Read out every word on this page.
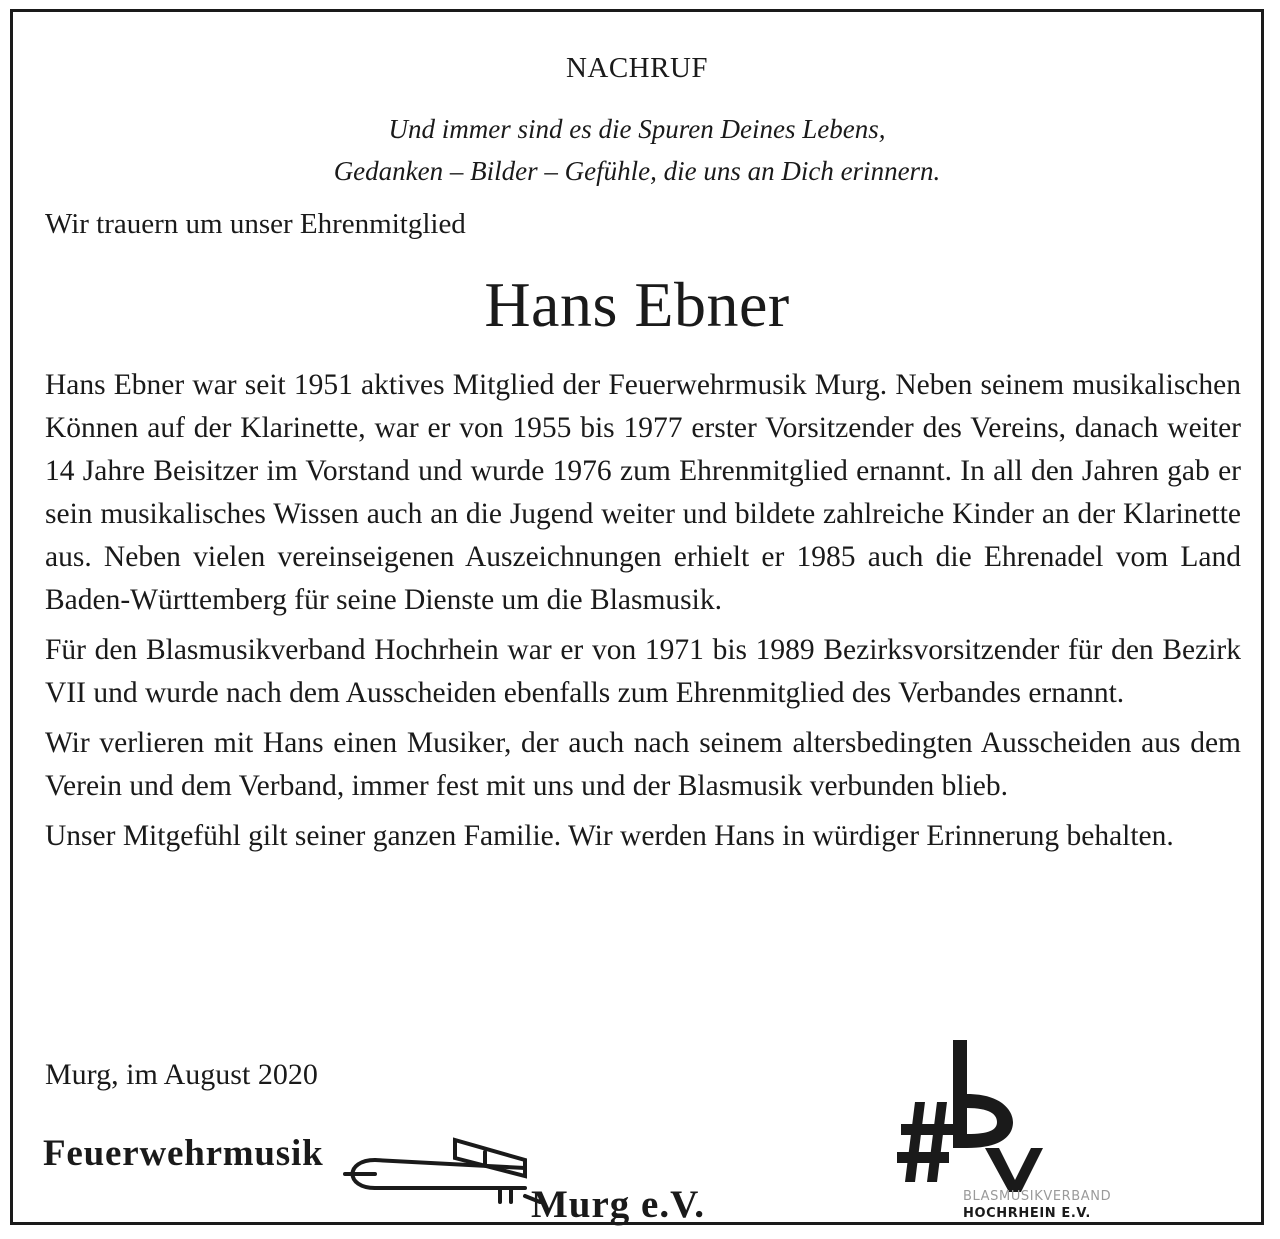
NACHRUF
Und immer sind es die Spuren Deines Lebens,
Gedanken – Bilder – Gefühle, die uns an Dich erinnern.
Wir trauern um unser Ehrenmitglied
Hans Ebner

Hans Ebner war seit 1951 aktives Mitglied der Feuerwehrmusik Murg. Neben seinem musikalischen Können auf der Klarinette, war er von 1955 bis 1977 erster Vorsitzender des Vereins, danach weiter 14 Jahre Beisitzer im Vorstand und wurde 1976 zum Ehrenmitglied ernannt. In all den Jahren gab er sein musikalisches Wissen auch an die Jugend weiter und bildete zahlreiche Kinder an der Klarinette aus. Neben vielen vereinseigenen Auszeichnungen erhielt er 1985 auch die Ehrenadel vom Land Baden-Württemberg für seine Dienste um die Blasmusik.

Für den Blasmusikverband Hochrhein war er von 1971 bis 1989 Bezirksvorsitzender für den Bezirk VII und wurde nach dem Ausscheiden ebenfalls zum Ehrenmitglied des Verbandes ernannt.

Wir verlieren mit Hans einen Musiker, der auch nach seinem altersbedingten Ausscheiden aus dem Verein und dem Verband, immer fest mit uns und der Blasmusik verbunden blieb.

Unser Mitgefühl gilt seiner ganzen Familie. Wir werden Hans in würdiger Erinnerung behalten.

Murg, im August 2020
Feuerwehrmusik
Murg e.V.	BLASMUSIKVERBAND
HOCHRHEIN E.V.
